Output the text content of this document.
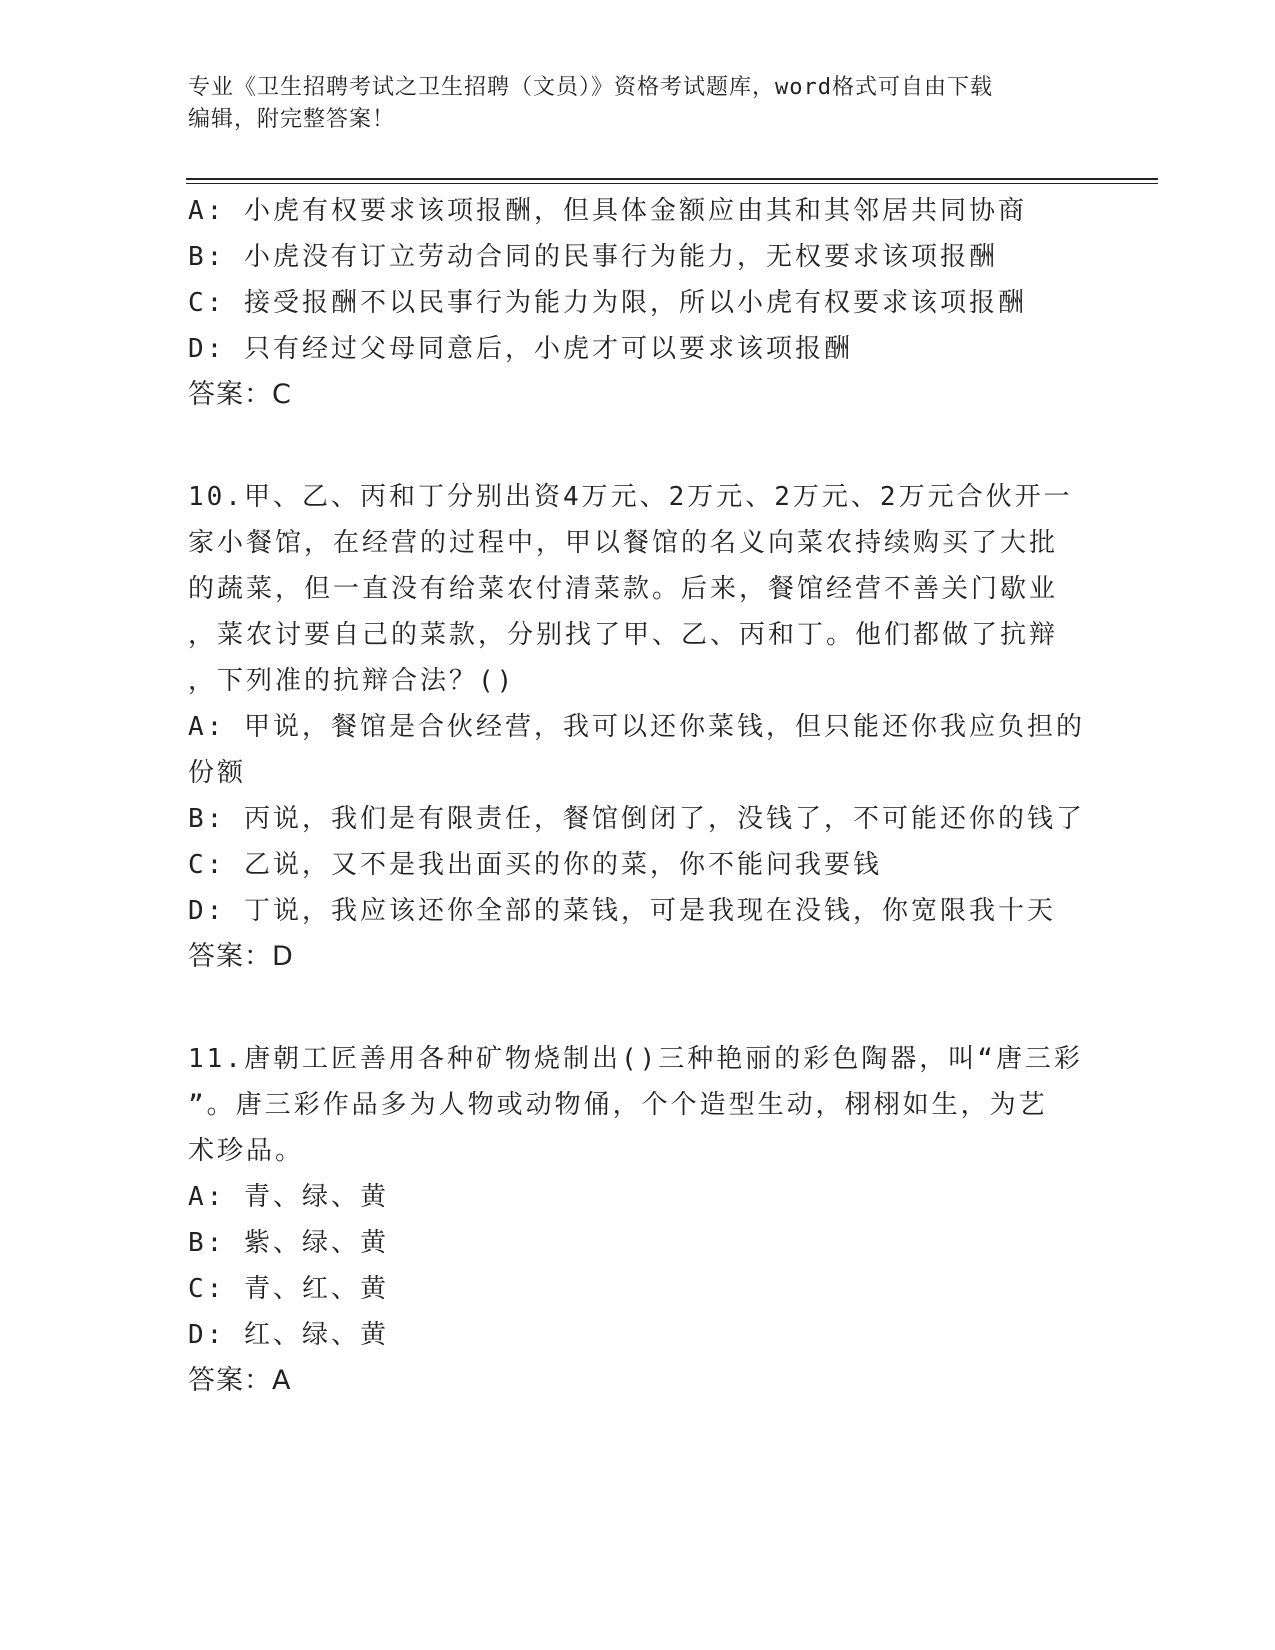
专业《卫生招聘考试之卫生招聘（文员）》资格考试题库，word格式可自由下载
编辑，附完整答案！
A: 小虎有权要求该项报酬，但具体金额应由其和其邻居共同协商
B: 小虎没有订立劳动合同的民事行为能力，无权要求该项报酬
C: 接受报酬不以民事行为能力为限，所以小虎有权要求该项报酬
D: 只有经过父母同意后，小虎才可以要求该项报酬
答案：C
10.甲、乙、丙和丁分别出资4万元、2万元、2万元、2万元合伙开一
家小餐馆，在经营的过程中，甲以餐馆的名义向菜农持续购买了大批
的蔬菜，但一直没有给菜农付清菜款。后来，餐馆经营不善关门歇业
，菜农讨要自己的菜款，分别找了甲、乙、丙和丁。他们都做了抗辩
，下列准的抗辩合法？()
A: 甲说，餐馆是合伙经营，我可以还你菜钱，但只能还你我应负担的
份额
B: 丙说，我们是有限责任，餐馆倒闭了，没钱了，不可能还你的钱了
C: 乙说，又不是我出面买的你的菜，你不能问我要钱
D: 丁说，我应该还你全部的菜钱，可是我现在没钱，你宽限我十天
答案：D
11.唐朝工匠善用各种矿物烧制出()三种艳丽的彩色陶器，叫“唐三彩
”。唐三彩作品多为人物或动物俑，个个造型生动，栩栩如生，为艺
术珍品。
A: 青、绿、黄
B: 紫、绿、黄
C: 青、红、黄
D: 红、绿、黄
答案：A
